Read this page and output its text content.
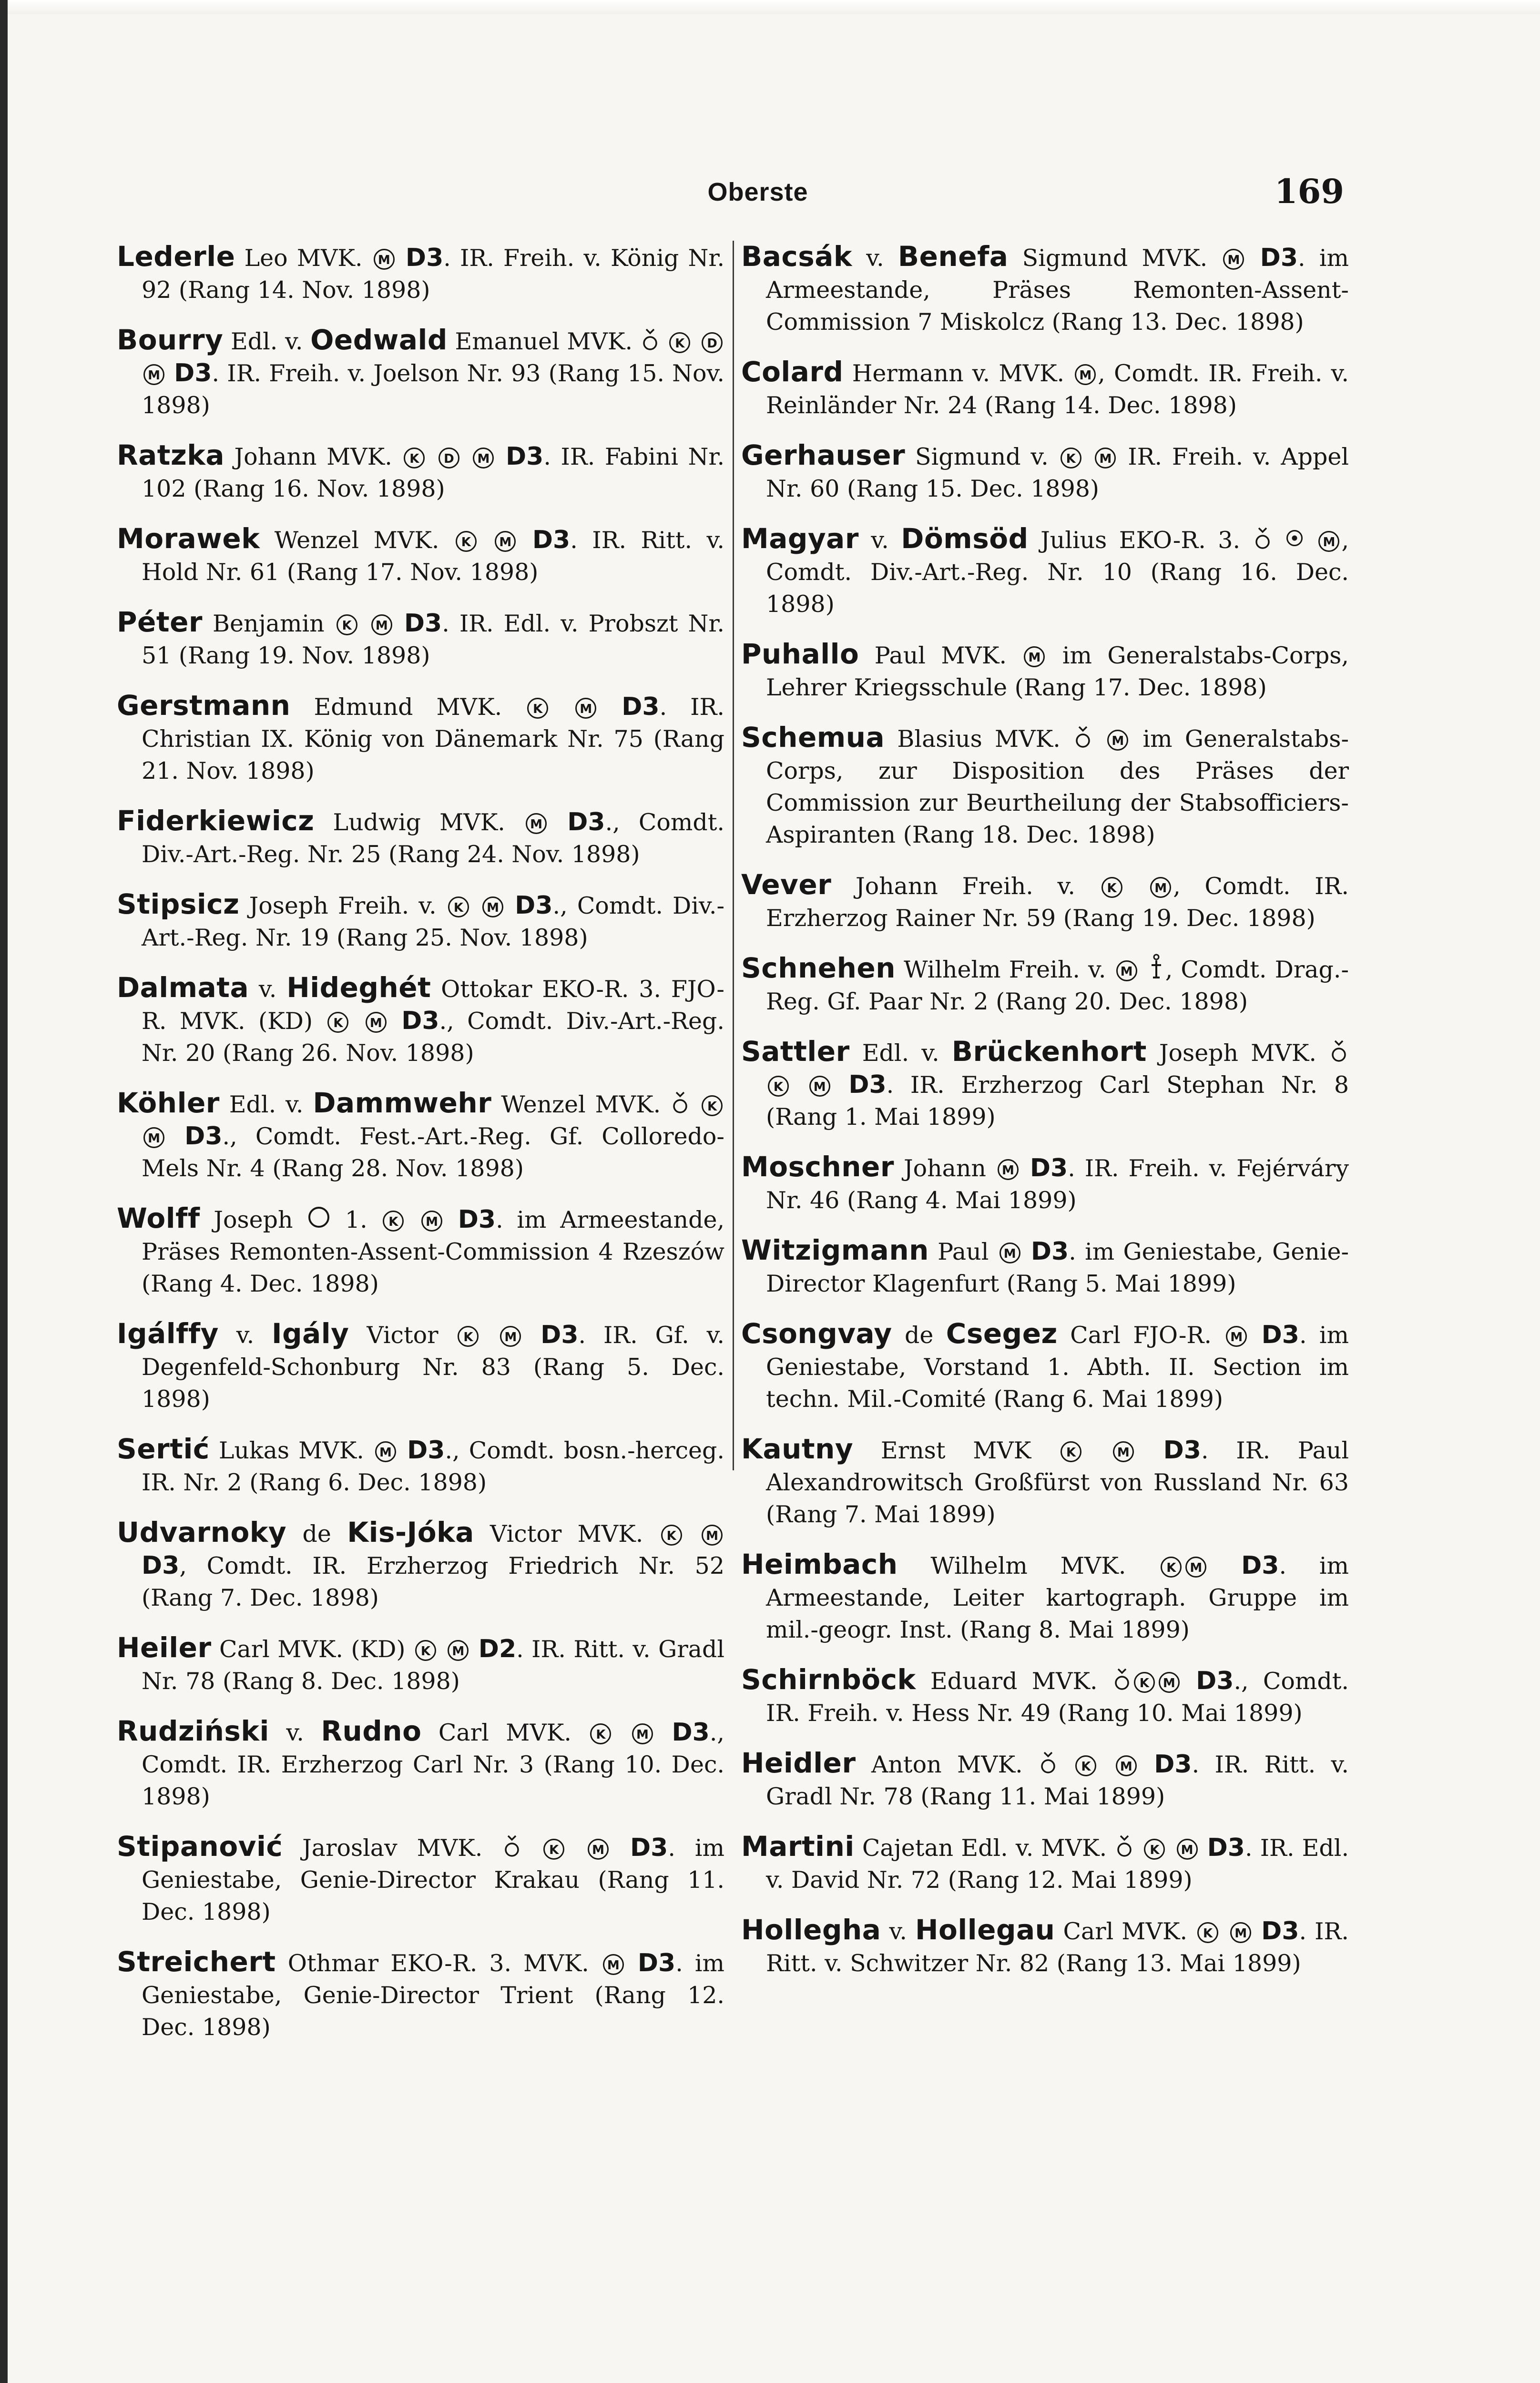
Oberste	169
Lederle Leo MVK. M D3. IR. Freih. v. König Nr. 92 (Rang 14. Nov. 1898)
Bourry Edl. v. Oedwald Emanuel MVK.	K D M D3. IR. Freih. v. Joelson Nr. 93 (Rang 15. Nov. 1898)
Ratzka Johann MVK. K D M D3. IR. Fabini Nr. 102 (Rang 16. Nov. 1898)
Morawek Wenzel MVK. K M D3. IR. Ritt. v. Hold Nr. 61 (Rang 17. Nov. 1898)
Péter Benjamin K M D3. IR. Edl. v. Probszt Nr. 51 (Rang 19. Nov. 1898)
Gerstmann Edmund MVK. K	M D3. IR. Christian IX. König von Dänemark Nr. 75 (Rang 21. Nov. 1898)
Fiderkiewicz Ludwig MVK. M D3., Comdt. Div.-Art.-Reg. Nr. 25 (Rang 24. Nov. 1898)
Stipsicz Joseph Freih. v. K M D3., Comdt. Div.-Art.-Reg. Nr. 19 (Rang 25. Nov. 1898)
Dalmata v. Hideghét Ottokar EKO-R. 3. FJO-R. MVK. (KD) K M D3., Comdt. Div.-Art.-Reg. Nr. 20 (Rang 26. Nov. 1898)
Köhler Edl. v. Dammwehr Wenzel MVK.	K M D3., Comdt. Fest.-Art.-Reg. Gf. Colloredo-Mels Nr. 4 (Rang 28. Nov. 1898)
Wolff Joseph  1. K M D3. im Armeestande, Präses Remonten-Assent-Commission 4 Rzeszów (Rang 4. Dec. 1898)
Igálffy v. Igály Victor K	M D3. IR. Gf. v. Degenfeld-Schonburg Nr. 83 (Rang 5. Dec. 1898)
Sertić Lukas MVK. M D3., Comdt. bosn.-herceg. IR. Nr. 2 (Rang 6. Dec. 1898)
Udvarnoky de Kis-Jóka Victor MVK. K M D3, Comdt. IR. Erzherzog Friedrich Nr. 52 (Rang 7. Dec. 1898)
Heiler Carl MVK. (KD) K M D2. IR. Ritt. v. Gradl Nr. 78 (Rang 8. Dec. 1898)
Rudziński v. Rudno Carl MVK. K M D3., Comdt. IR. Erzherzog Carl Nr. 3 (Rang 10. Dec. 1898)
Stipanović Jaroslav MVK.	K	M D3. im Geniestabe, Genie-Director Krakau (Rang 11. Dec. 1898)
Streichert Othmar EKO-R. 3. MVK. M D3. im Geniestabe, Genie-Director Trient (Rang 12. Dec. 1898)
Bacsák v. Benefa Sigmund MVK. M D3. im Armeestande, Präses Remonten-Assent-Commission 7 Miskolcz (Rang 13. Dec. 1898)
Colard Hermann v. MVK. M , Comdt. IR. Freih. v. Reinländer Nr. 24 (Rang 14. Dec. 1898)
Gerhauser Sigmund v. K M IR. Freih. v. Appel Nr. 60 (Rang 15. Dec. 1898)
Magyar v. Dömsöd Julius EKO-R. 3.	M , Comdt. Div.-Art.-Reg. Nr. 10 (Rang 16. Dec. 1898)
Puhallo Paul MVK. M im Generalstabs-Corps, Lehrer Kriegsschule (Rang 17. Dec. 1898)
Schemua Blasius MVK.	M im Generalstabs-Corps, zur Disposition des Präses der Commission zur Beurtheilung der Stabsofficiers-Aspiranten (Rang 18. Dec. 1898)
Vever Johann Freih. v. K	M , Comdt. IR. Erzherzog Rainer Nr. 59 (Rang 19. Dec. 1898)
Schnehen Wilhelm Freih. v. M , Comdt. Drag.-Reg. Gf. Paar Nr. 2 (Rang 20. Dec. 1898)
Sattler Edl. v. Brückenhort Joseph MVK.  K M D3. IR. Erzherzog Carl Stephan Nr. 8 (Rang 1. Mai 1899)
Moschner Johann M D3. IR. Freih. v. Fejérváry Nr. 46 (Rang 4. Mai 1899)
Witzigmann Paul M D3. im Geniestabe, Genie-Director Klagenfurt (Rang 5. Mai 1899)
Csongvay de Csegez Carl FJO-R. M D3. im Geniestabe, Vorstand 1. Abth. II. Section im techn. Mil.-Comité (Rang 6. Mai 1899)
Kautny Ernst MVK K	M D3. IR. Paul Alexandrowitsch Großfürst von Russland Nr. 63 (Rang 7. Mai 1899)
Heimbach Wilhelm MVK. K M D3. im Armeestande, Leiter kartograph. Gruppe im mil.-geogr. Inst. (Rang 8. Mai 1899)
Schirnböck Eduard MVK. K M D3., Comdt. IR. Freih. v. Hess Nr. 49 (Rang 10. Mai 1899)
Heidler Anton MVK.	K M D3. IR. Ritt. v. Gradl Nr. 78 (Rang 11. Mai 1899)
Martini Cajetan Edl. v. MVK.	K M D3. IR. Edl. v. David Nr. 72 (Rang 12. Mai 1899)
Hollegha v. Hollegau Carl MVK. K M D3. IR. Ritt. v. Schwitzer Nr. 82 (Rang 13. Mai 1899)
